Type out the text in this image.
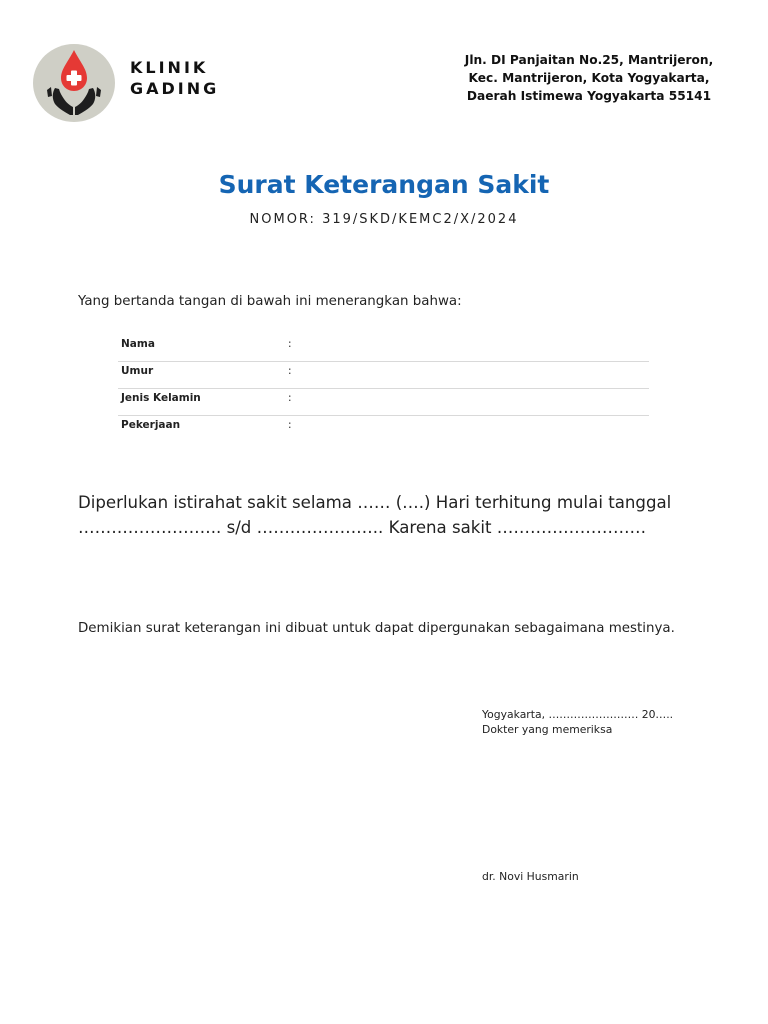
KLINIK
GADING
Jln. DI Panjaitan No.25, Mantrijeron,
Kec. Mantrijeron, Kota Yogyakarta,
Daerah Istimewa Yogyakarta 55141
Surat Keterangan Sakit
NOMOR: 319/SKD/KEMC2/X/2024
Yang bertanda tangan di bawah ini menerangkan bahwa:
Nama	:
Umur	:
Jenis Kelamin	:
Pekerjaan	:
Diperlukan istirahat sakit selama …… (….) Hari terhitung mulai tanggal …………………….. s/d ………………….. Karena sakit ………………………
Demikian surat keterangan ini dibuat untuk dapat dipergunakan sebagaimana mestinya.
Yogyakarta, ……………………. 20…..
Dokter yang memeriksa
dr. Novi Husmarin
